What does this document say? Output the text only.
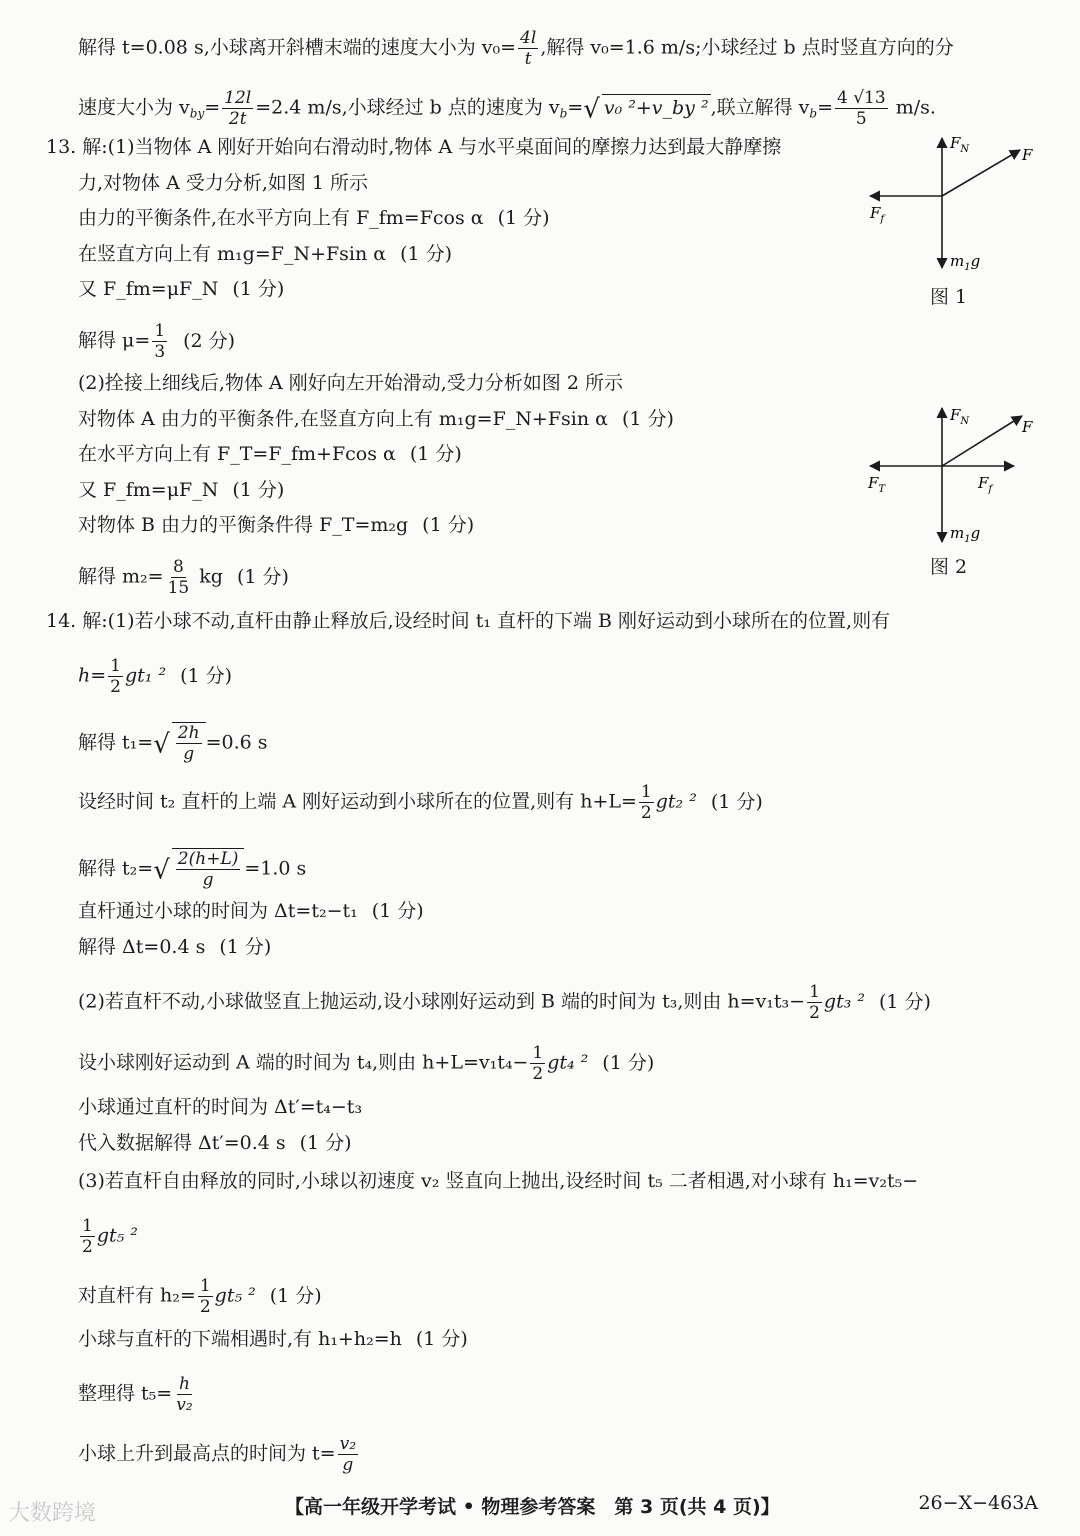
解得 t=0.08 s,小球离开斜槽末端的速度大小为 $v_0= \frac{4l}{t}$ ,解得 v₀=1.6 m/s;小球经过 b 点时竖直方向的分
速度大小为 $v_{by}= \frac{12l}{2t} =2.4$ m/s,小球经过 b 点的速度为 $v_b=√$ v₀ ²+v_by ² ,联立解得 $v_b= \frac{4 √13}{5} m/s$.
13. 解:(1)当物体 A 刚好开始向右滑动时,物体 A 与水平桌面间的摩擦力达到最大静摩擦
力,对物体 A 受力分析,如图 1 所示
由力的平衡条件,在水平方向上有 F_fm=Fcos α (1 分)
在竖直方向上有 m₁g=F_N+Fsin α (1 分)
又 F_fm=μF_N (1 分)
解得 $\mu= \frac{1}{3} (2$ 分)
(2)拴接上细线后,物体 A 刚好向左开始滑动,受力分析如图 2 所示
对物体 A 由力的平衡条件,在竖直方向上有 m₁g=F_N+Fsin α (1 分)
在水平方向上有 F_T=F_fm+Fcos α (1 分)
又 F_fm=μF_N (1 分)
对物体 B 由力的平衡条件得 F_T=m₂g (1 分)
解得 $m_2= \frac{8}{15}$ kg (1 分)
$F_N$	F
$F_f$
$m_1g$
图 1
$F_N$	F
$F_T$	$F_f$
$m_1g$
图 2
14. 解:(1)若小球不动,直杆由静止释放后,设经时间 t₁ 直杆的下端 B 刚好运动到小球所在的位置,则有
$h= \frac{1}{2} gt_1$ ² (1 分)
解得 $t_1=√ \frac{2h}{g} =0.6$ s
设经时间 t₂ 直杆的上端 A 刚好运动到小球所在的位置,则有 $h+L= \frac{1}{2} gt_2$ ² (1 分)
解得 $t_2=√ \frac{2(h+L)}{g} =1.0$ s
直杆通过小球的时间为 Δt=t₂−t₁ (1 分)
解得 Δt=0.4 s (1 分)
(2)若直杆不动,小球做竖直上抛运动,设小球刚好运动到 B 端的时间为 t₃,则由 $h=v_1t_3- \frac{1}{2} gt_3$ ² (1 分)
设小球刚好运动到 A 端的时间为 t₄,则由 $h+L=v_1t_4- \frac{1}{2} gt_4$ ² (1 分)
小球通过直杆的时间为 Δt′=t₄−t₃
代入数据解得 Δt′=0.4 s (1 分)
(3)若直杆自由释放的同时,小球以初速度 v₂ 竖直向上抛出,设经时间 t₅ 二者相遇,对小球有 h₁=v₂t₅−
$\frac{1}{2} gt_5$ ²
对直杆有 $h_2= \frac{1}{2} gt_5$ ² (1 分)
小球与直杆的下端相遇时,有 h₁+h₂=h (1 分)
整理得 $t_5= \frac{h}{\text{v₂}}$
小球上升到最高点的时间为 $t= \frac{\text{v₂}}{g}$
大数跨境	【高一年级开学考试 • 物理参考答案　第 3 页(共 4 页)】	26−X−463A
